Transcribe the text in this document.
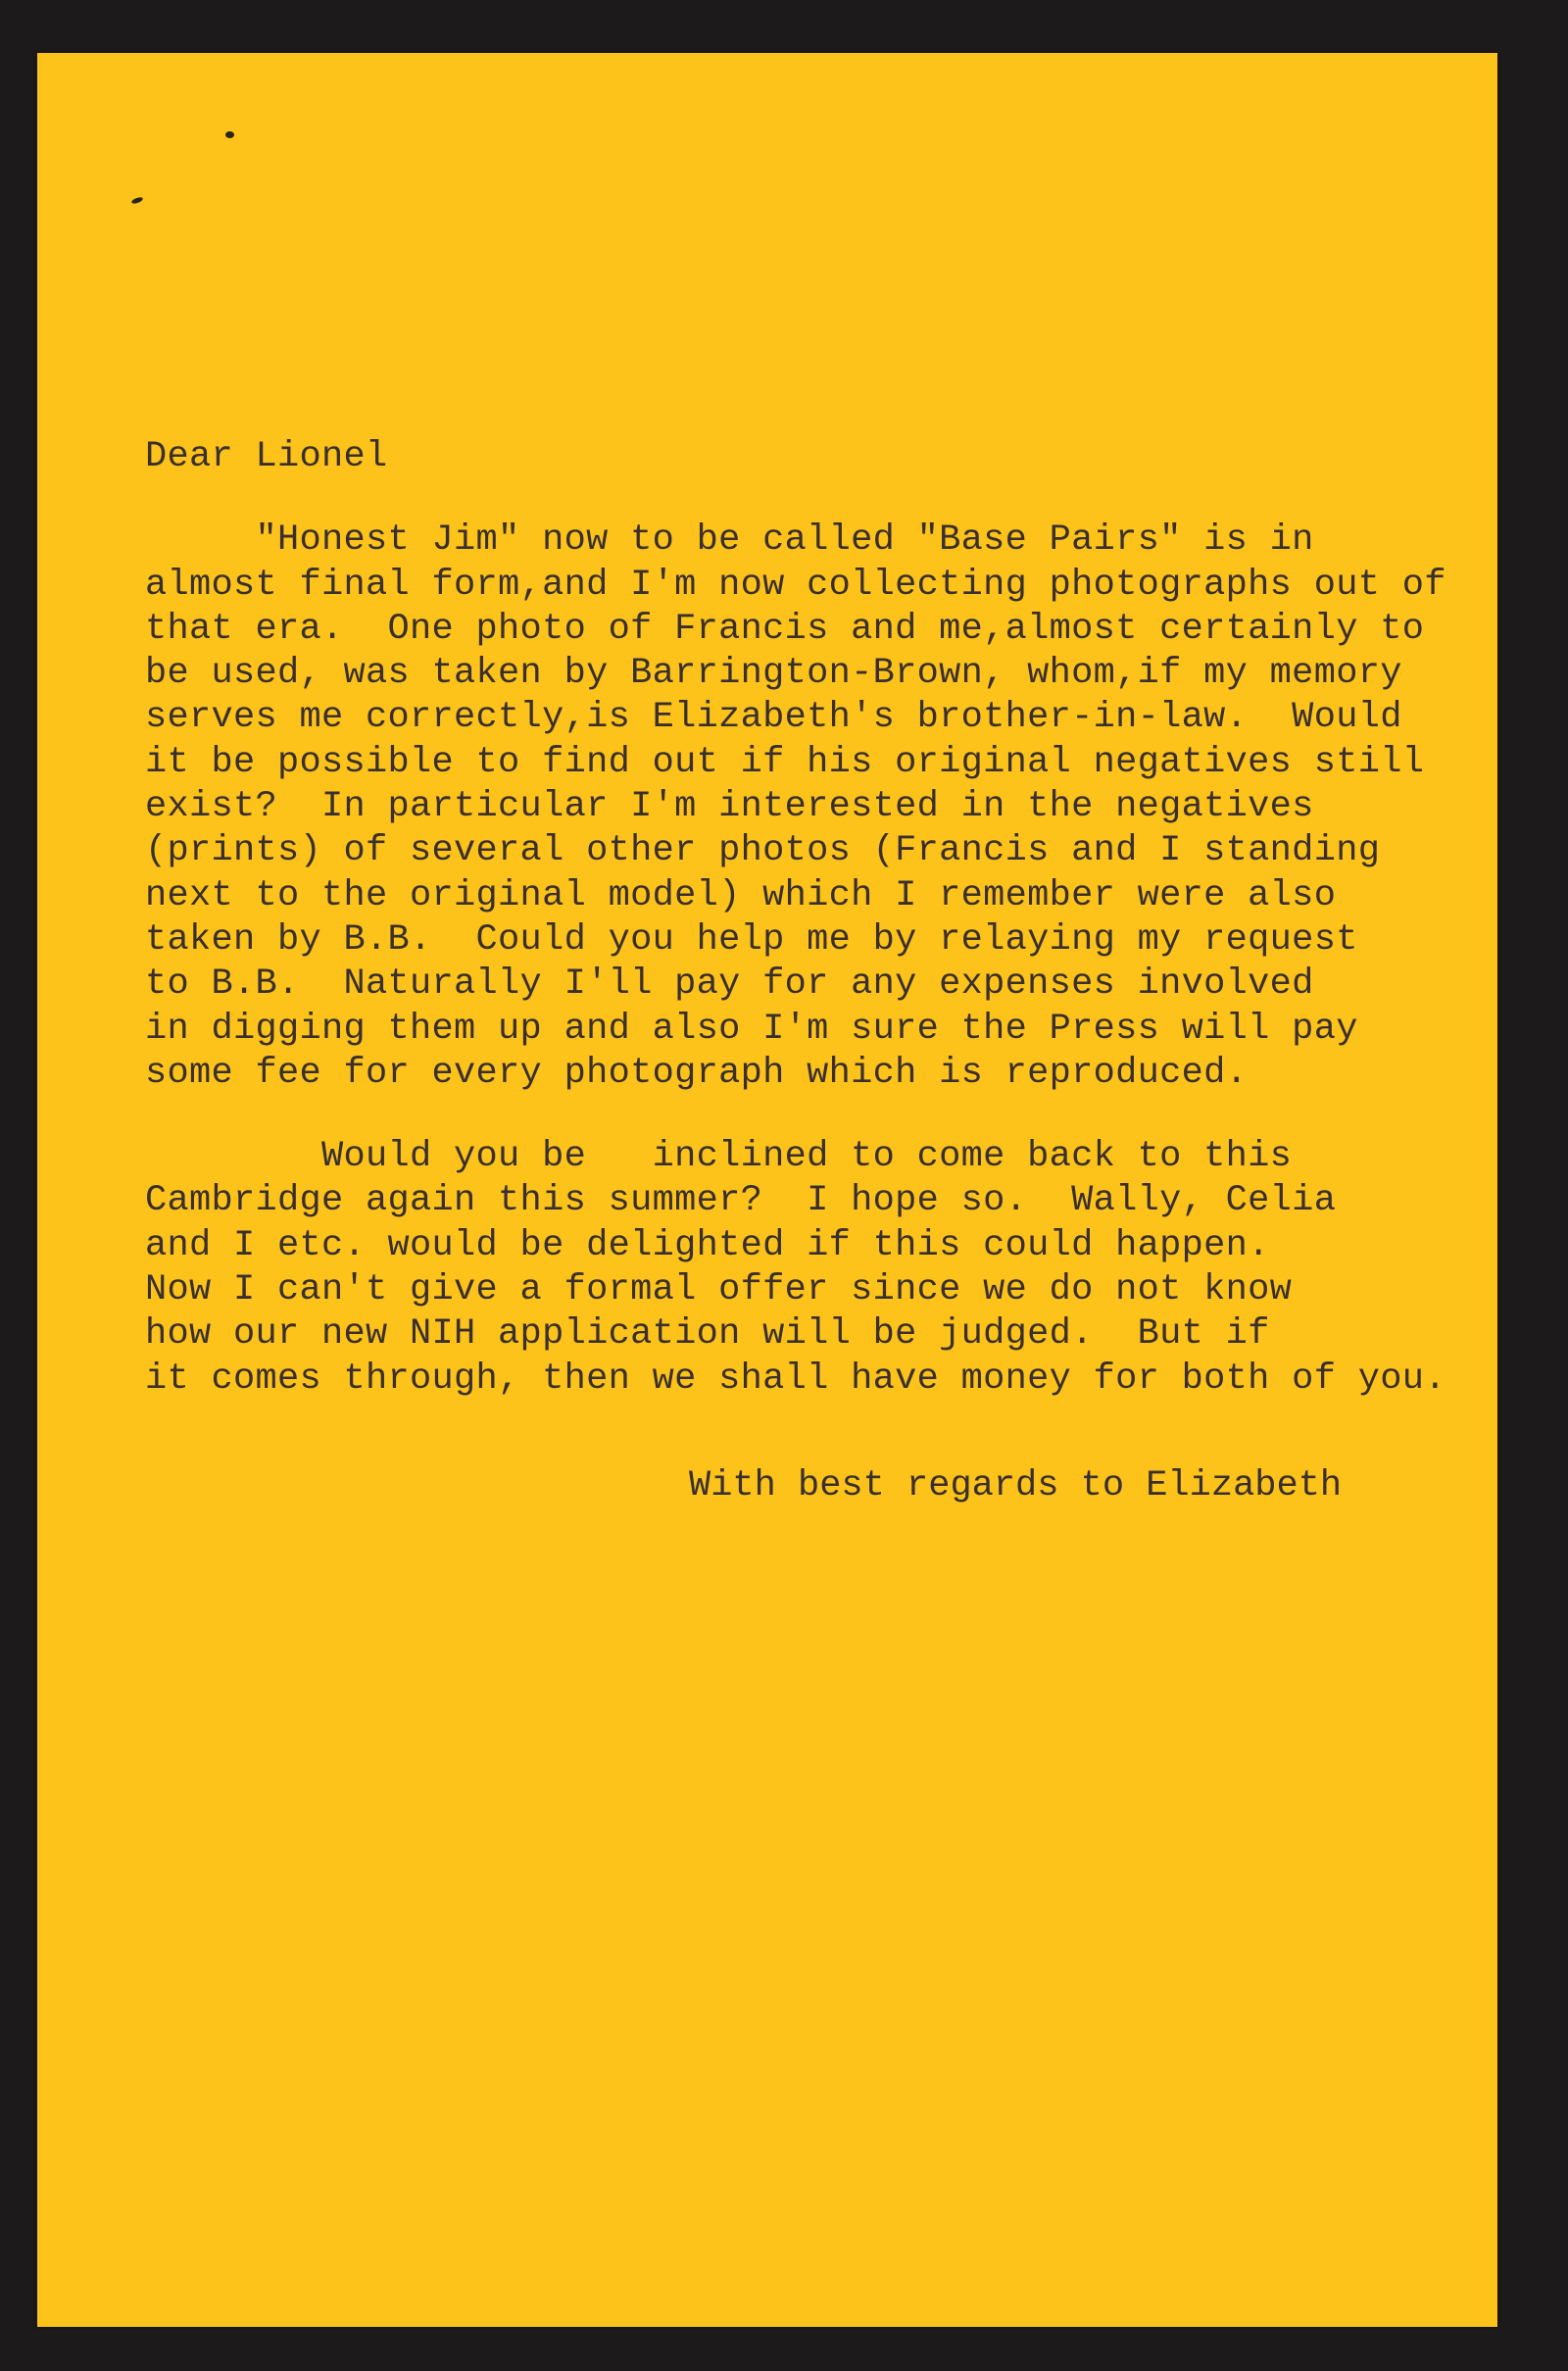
Dear Lionel
"Honest Jim" now to be called "Base Pairs" is in
almost final form,and I'm now collecting photographs out of
that era.  One photo of Francis and me,almost certainly to
be used, was taken by Barrington-Brown, whom,if my memory
serves me correctly,is Elizabeth's brother-in-law.  Would
it be possible to find out if his original negatives still
exist?  In particular I'm interested in the negatives
(prints) of several other photos (Francis and I standing
next to the original model) which I remember were also
taken by B.B.  Could you help me by relaying my request
to B.B.  Naturally I'll pay for any expenses involved
in digging them up and also I'm sure the Press will pay
some fee for every photograph which is reproduced.
Would you be   inclined to come back to this
Cambridge again this summer?  I hope so.  Wally, Celia
and I etc. would be delighted if this could happen.
Now I can't give a formal offer since we do not know
how our new NIH application will be judged.  But if
it comes through, then we shall have money for both of you.
With best regards to Elizabeth
